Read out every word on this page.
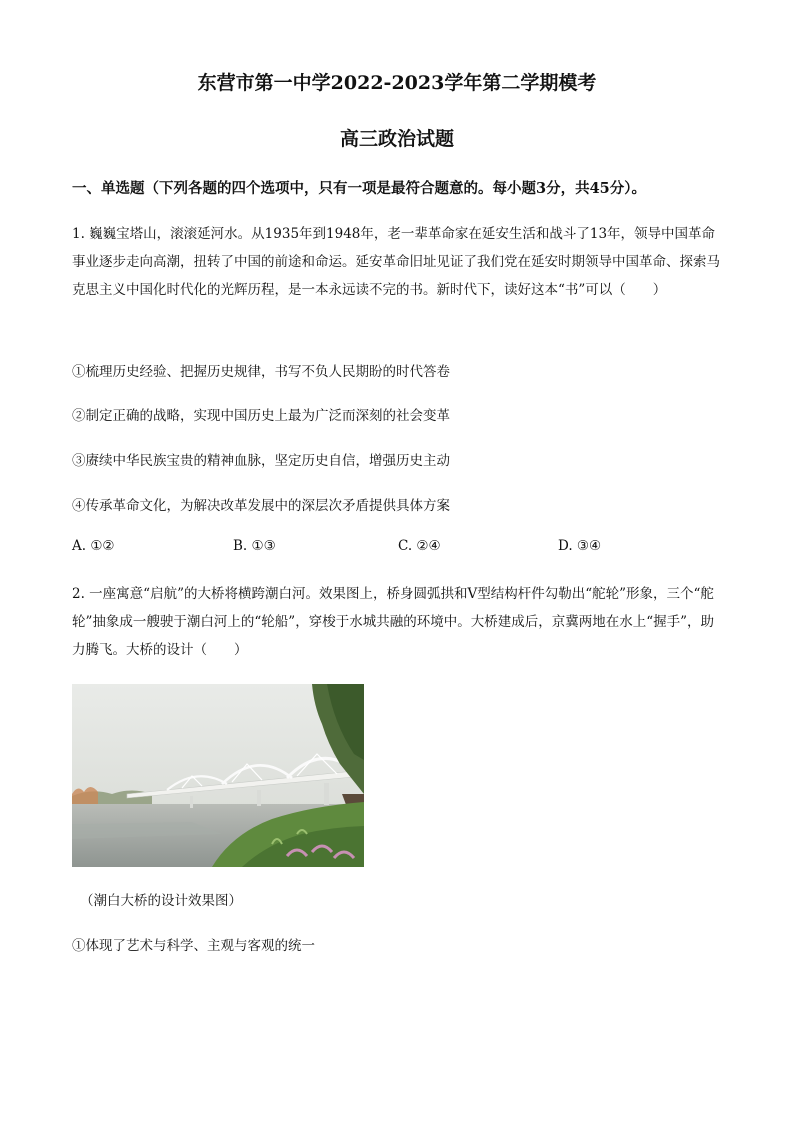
东营市第一中学2022-2023学年第二学期模考
高三政治试题
一、单选题（下列各题的四个选项中，只有一项是最符合题意的。每小题3分，共45分）。
1. 巍巍宝塔山，滚滚延河水。从1935年到1948年，老一辈革命家在延安生活和战斗了13年，领导中国革命事业逐步走向高潮，扭转了中国的前途和命运。延安革命旧址见证了我们党在延安时期领导中国革命、探索马克思主义中国化时代化的光辉历程，是一本永远读不完的书。新时代下，读好这本“书”可以（　　）
①梳理历史经验、把握历史规律，书写不负人民期盼的时代答卷
②制定正确的战略，实现中国历史上最为广泛而深刻的社会变革
③赓续中华民族宝贵的精神血脉，坚定历史自信，增强历史主动
④传承革命文化，为解决改革发展中的深层次矛盾提供具体方案
A. ①②	B. ①③	C. ②④	D. ③④
2. 一座寓意“启航”的大桥将横跨潮白河。效果图上，桥身圆弧拱和V型结构杆件勾勒出“舵轮”形象，三个“舵轮”抽象成一艘驶于潮白河上的“轮船”，穿梭于水城共融的环境中。大桥建成后，京冀两地在水上“握手”，助力腾飞。大桥的设计（　　）
（潮白大桥的设计效果图）
①体现了艺术与科学、主观与客观的统一
